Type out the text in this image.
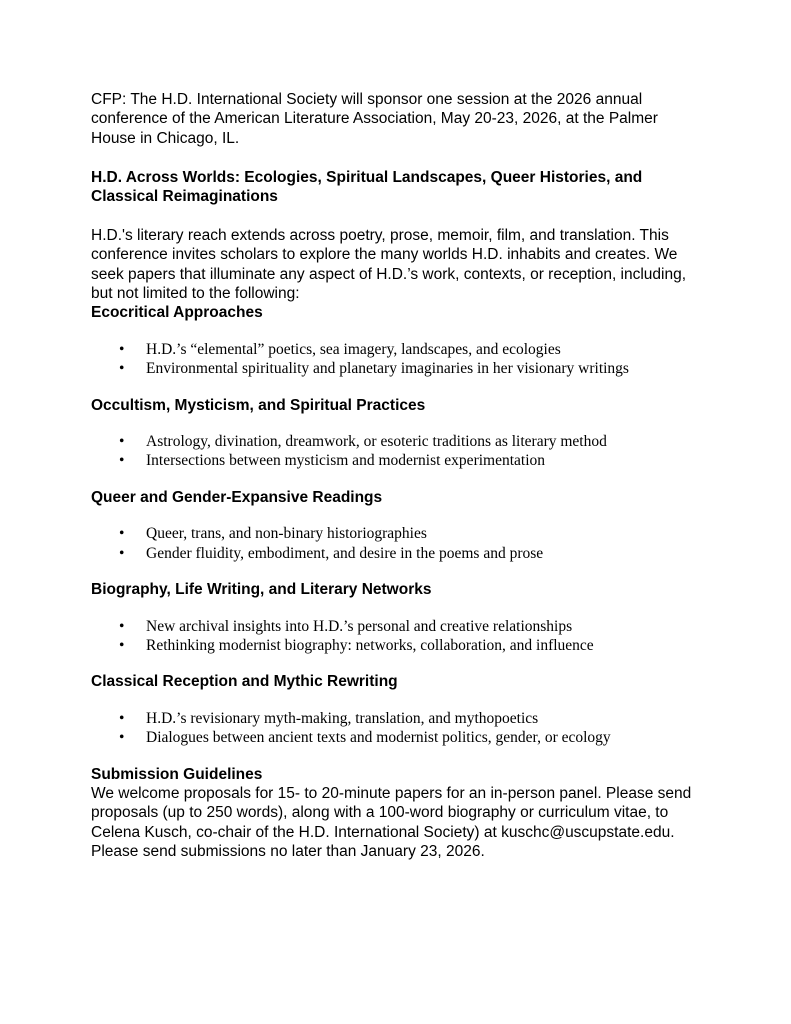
CFP: The H.D. International Society will sponsor one session at the 2026 annual conference of the American Literature Association, May 20-23, 2026, at the Palmer House in Chicago, IL.

H.D. Across Worlds: Ecologies, Spiritual Landscapes, Queer Histories, and Classical Reimaginations

H.D.'s literary reach extends across poetry, prose, memoir, film, and translation. This conference invites scholars to explore the many worlds H.D. inhabits and creates. We seek papers that illuminate any aspect of H.D.’s work, contexts, or reception, including, but not limited to the following:

Ecocritical Approaches
• H.D.’s “elemental” poetics, sea imagery, landscapes, and ecologies
• Environmental spirituality and planetary imaginaries in her visionary writings
Occultism, Mysticism, and Spiritual Practices
• Astrology, divination, dreamwork, or esoteric traditions as literary method
• Intersections between mysticism and modernist experimentation
Queer and Gender-Expansive Readings
• Queer, trans, and non-binary historiographies
• Gender fluidity, embodiment, and desire in the poems and prose
Biography, Life Writing, and Literary Networks
• New archival insights into H.D.’s personal and creative relationships
• Rethinking modernist biography: networks, collaboration, and influence
Classical Reception and Mythic Rewriting
• H.D.’s revisionary myth-making, translation, and mythopoetics
• Dialogues between ancient texts and modernist politics, gender, or ecology
Submission Guidelines

We welcome proposals for 15- to 20-minute papers for an in-person panel. Please send proposals (up to 250 words), along with a 100-word biography or curriculum vitae, to Celena Kusch, co-chair of the H.D. International Society) at kuschc@uscupstate.edu. Please send submissions no later than January 23, 2026.
